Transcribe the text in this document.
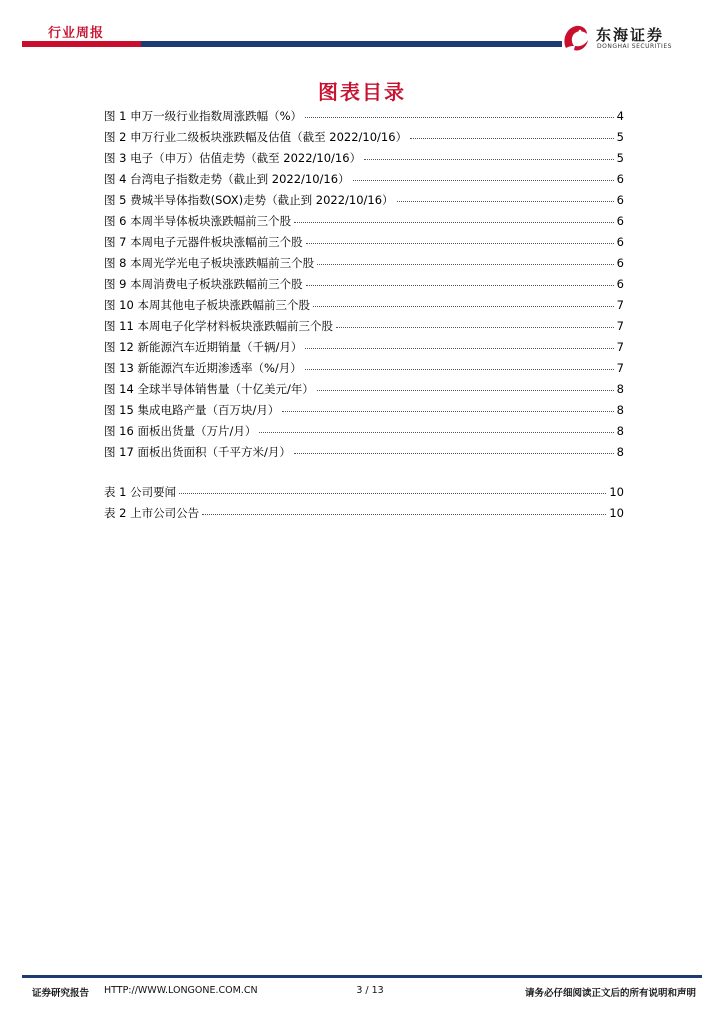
行业周报	东海证券
DONGHAI SECURITIES
图表目录
图 1 申万一级行业指数周涨跌幅（%）	4
图 2 申万行业二级板块涨跌幅及估值（截至 2022/10/16）	5
图 3 电子（申万）估值走势（截至 2022/10/16）	5
图 4 台湾电子指数走势（截止到 2022/10/16）	6
图 5 费城半导体指数(SOX)走势（截止到 2022/10/16）	6
图 6 本周半导体板块涨跌幅前三个股	6
图 7 本周电子元器件板块涨幅前三个股	6
图 8 本周光学光电子板块涨跌幅前三个股	6
图 9 本周消费电子板块涨跌幅前三个股	6
图 10 本周其他电子板块涨跌幅前三个股	7
图 11 本周电子化学材料板块涨跌幅前三个股	7
图 12 新能源汽车近期销量（千辆/月）	7
图 13 新能源汽车近期渗透率（%/月）	7
图 14 全球半导体销售量（十亿美元/年）	8
图 15 集成电路产量（百万块/月）	8
图 16 面板出货量（万片/月）	8
图 17 面板出货面积（千平方米/月）	8
表 1 公司要闻	10
表 2 上市公司公告	10
证券研究报告 HTTP://WWW.LONGONE.COM.CN	3 / 13	请务必仔细阅读正文后的所有说明和声明
